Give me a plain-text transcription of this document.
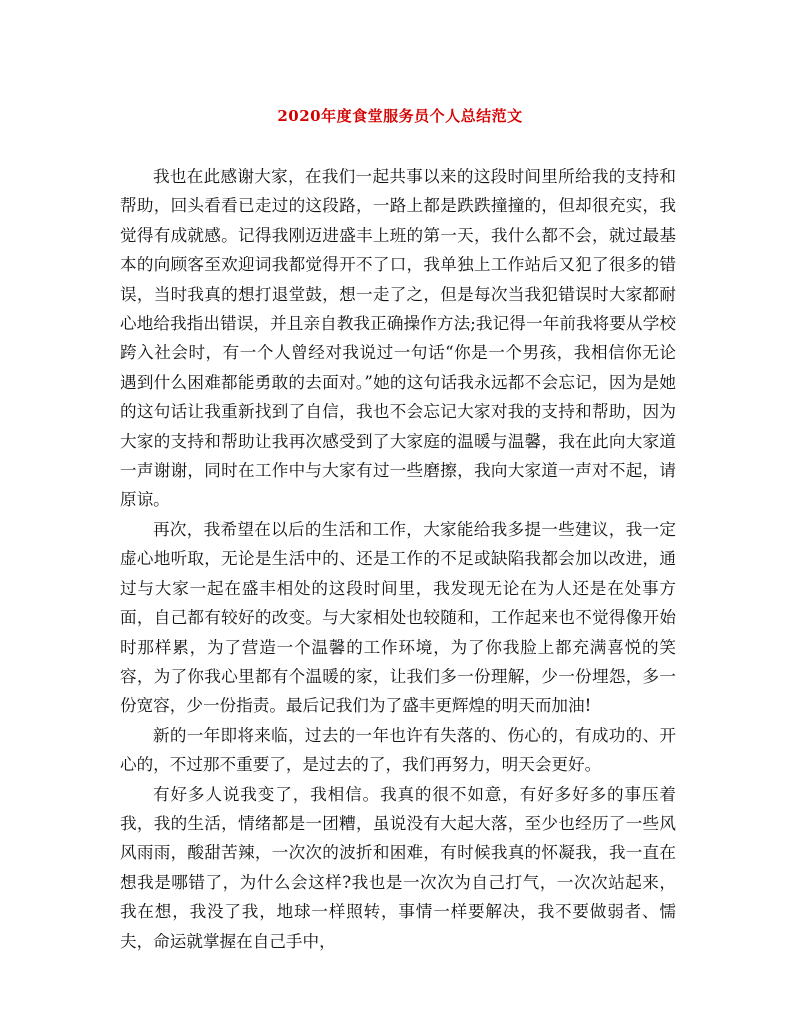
2020年度食堂服务员个人总结范文

我也在此感谢大家，在我们一起共事以来的这段时间里所给我的支持和帮助，回头看看已走过的这段路，一路上都是跌跌撞撞的，但却很充实，我觉得有成就感。记得我刚迈进盛丰上班的第一天，我什么都不会，就过最基本的向顾客至欢迎词我都觉得开不了口，我单独上工作站后又犯了很多的错误，当时我真的想打退堂鼓，想一走了之，但是每次当我犯错误时大家都耐心地给我指出错误，并且亲自教我正确操作方法;我记得一年前我将要从学校跨入社会时，有一个人曾经对我说过一句话“你是一个男孩，我相信你无论遇到什么困难都能勇敢的去面对。”她的这句话我永远都不会忘记，因为是她的这句话让我重新找到了自信，我也不会忘记大家对我的支持和帮助，因为大家的支持和帮助让我再次感受到了大家庭的温暖与温馨，我在此向大家道一声谢谢，同时在工作中与大家有过一些磨擦，我向大家道一声对不起，请原谅。

再次，我希望在以后的生活和工作，大家能给我多提一些建议，我一定虚心地听取，无论是生活中的、还是工作的不足或缺陷我都会加以改进，通过与大家一起在盛丰相处的这段时间里，我发现无论在为人还是在处事方面，自己都有较好的改变。与大家相处也较随和，工作起来也不觉得像开始时那样累，为了营造一个温馨的工作环境，为了你我脸上都充满喜悦的笑容，为了你我心里都有个温暖的家，让我们多一份理解，少一份埋怨，多一份宽容，少一份指责。最后记我们为了盛丰更辉煌的明天而加油!

新的一年即将来临，过去的一年也许有失落的、伤心的，有成功的、开心的，不过那不重要了，是过去的了，我们再努力，明天会更好。

有好多人说我变了，我相信。我真的很不如意，有好多好多的事压着我，我的生活，情绪都是一团糟，虽说没有大起大落，至少也经历了一些风风雨雨，酸甜苦辣，一次次的波折和困难，有时候我真的怀凝我，我一直在想我是哪错了，为什么会这样?我也是一次次为自己打气，一次次站起来，我在想，我没了我，地球一样照转，事情一样要解决，我不要做弱者、懦夫，命运就掌握在自己手中，
